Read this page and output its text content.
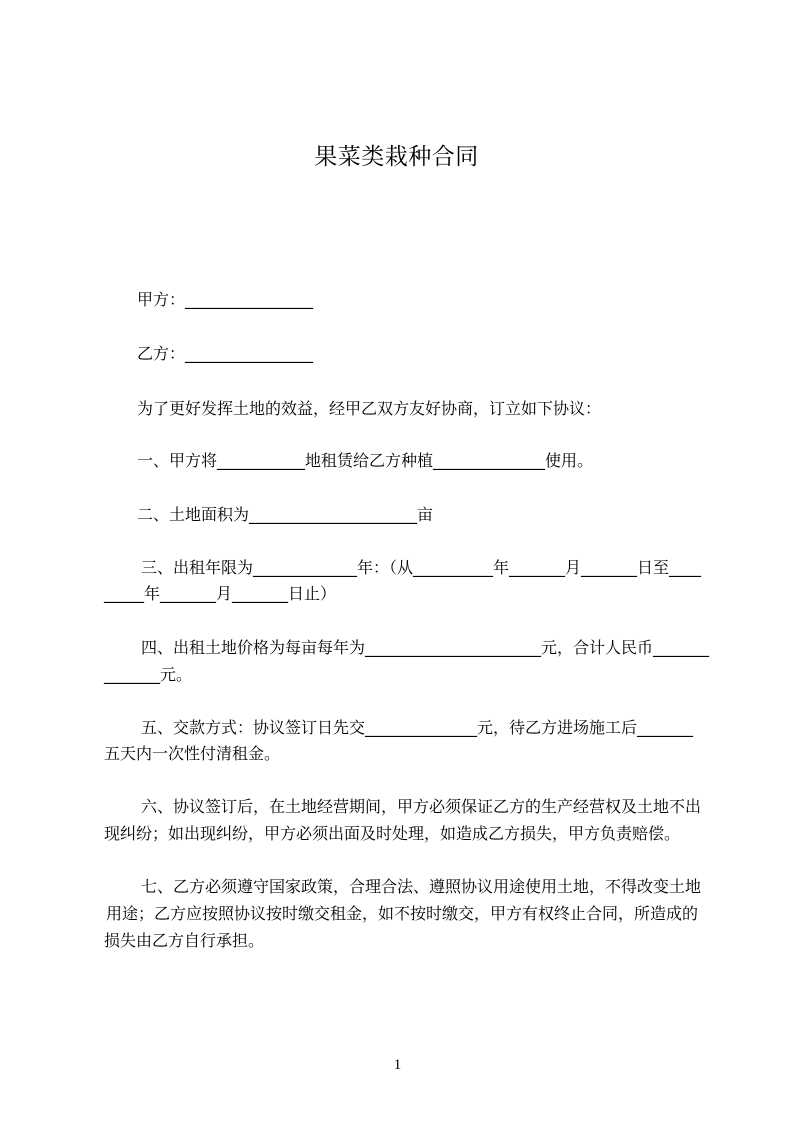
果菜类栽种合同
甲方：________________
乙方：________________
为了更好发挥土地的效益，经甲乙双方友好协商，订立如下协议：
一、甲方将___________地租赁给乙方种植______________使用。
二、土地面积为_____________________亩
三、出租年限为_____________年：（从__________年_______月_______日至____
_____年_______月_______日止）
四、出租土地价格为每亩每年为______________________元，合计人民币_______
_______元。
五、交款方式：协议签订日先交______________元，待乙方进场施工后_______
五天内一次性付清租金。
六、协议签订后，在土地经营期间，甲方必须保证乙方的生产经营权及土地不出
现纠纷；如出现纠纷，甲方必须出面及时处理，如造成乙方损失，甲方负责赔偿。
七、乙方必须遵守国家政策，合理合法、遵照协议用途使用土地，不得改变土地
用途；乙方应按照协议按时缴交租金，如不按时缴交，甲方有权终止合同，所造成的
损失由乙方自行承担。
1
